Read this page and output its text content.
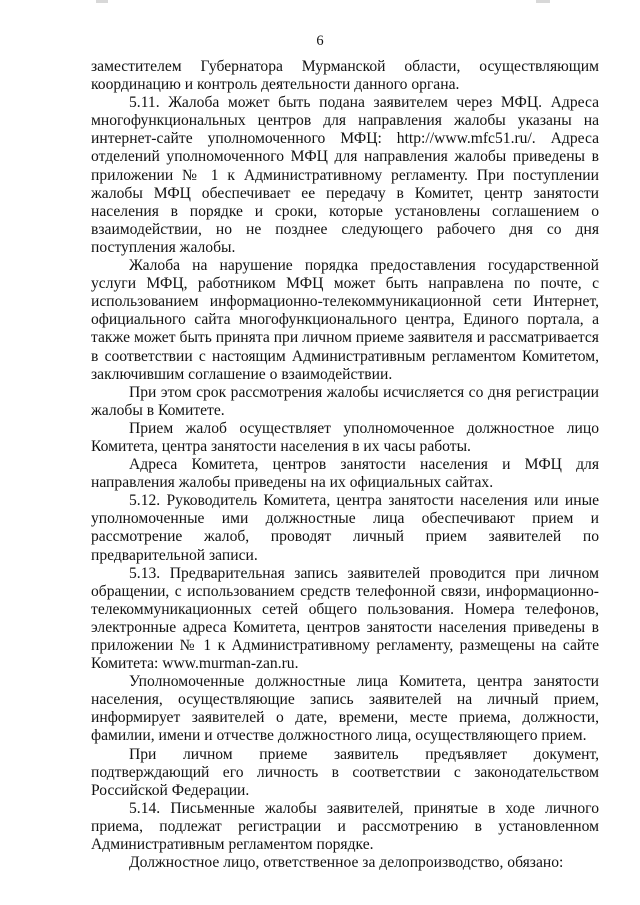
6

заместителем Губернатора Мурманской области, осуществляющим координацию и контроль деятельности данного органа.

5.11. Жалоба может быть подана заявителем через МФЦ. Адреса многофункциональных центров для направления жалобы указаны на интернет-сайте уполномоченного МФЦ: http://www.mfc51.ru/. Адреса отделений уполномоченного МФЦ для направления жалобы приведены в приложении № 1 к Административному регламенту. При поступлении жалобы МФЦ обеспечивает ее передачу в Комитет, центр занятости населения в порядке и сроки, которые установлены соглашением о взаимодействии, но не позднее следующего рабочего дня со дня поступления жалобы.

Жалоба на нарушение порядка предоставления государственной услуги МФЦ, работником МФЦ может быть направлена по почте, с использованием информационно-телекоммуникационной сети Интернет, официального сайта многофункционального центра, Единого портала, а также может быть принята при личном приеме заявителя и рассматривается в соответствии с настоящим Административным регламентом Комитетом, заключившим соглашение о взаимодействии.

При этом срок рассмотрения жалобы исчисляется со дня регистрации жалобы в Комитете.

Прием жалоб осуществляет уполномоченное должностное лицо Комитета, центра занятости населения в их часы работы.

Адреса Комитета, центров занятости населения и МФЦ для направления жалобы приведены на их официальных сайтах.

5.12. Руководитель Комитета, центра занятости населения или иные уполномоченные ими должностные лица обеспечивают прием и рассмотрение жалоб, проводят личный прием заявителей по предварительной записи.

5.13. Предварительная запись заявителей проводится при личном обращении, с использованием средств телефонной связи, информационно-телекоммуникационных сетей общего пользования. Номера телефонов, электронные адреса Комитета, центров занятости населения приведены в приложении № 1 к Административному регламенту, размещены на сайте Комитета: www.murman-zan.ru.

Уполномоченные должностные лица Комитета, центра занятости населения, осуществляющие запись заявителей на личный прием, информирует заявителей о дате, времени, месте приема, должности, фамилии, имени и отчестве должностного лица, осуществляющего прием.

При личном приеме заявитель предъявляет документ, подтверждающий его личность в соответствии с законодательством Российской Федерации.

5.14. Письменные жалобы заявителей, принятые в ходе личного приема, подлежат регистрации и рассмотрению в установленном Административным регламентом порядке.

Должностное лицо, ответственное за делопроизводство, обязано:
